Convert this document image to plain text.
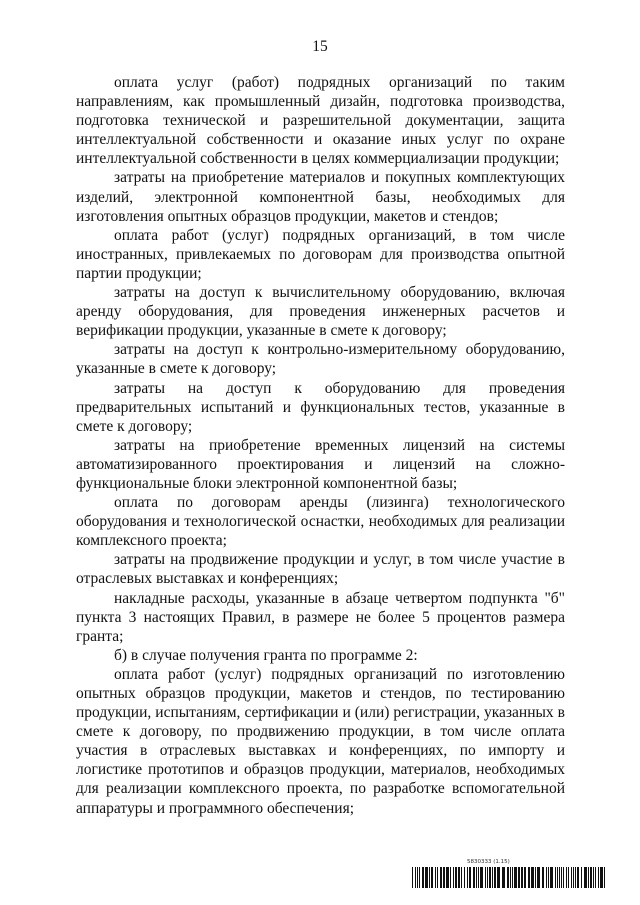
15

оплата услуг (работ) подрядных организаций по таким направлениям, как промышленный дизайн, подготовка производства, подготовка технической и разрешительной документации, защита интеллектуальной собственности и оказание иных услуг по охране интеллектуальной собственности в целях коммерциализации продукции;

затраты на приобретение материалов и покупных комплектующих изделий, электронной компонентной базы, необходимых для изготовления опытных образцов продукции, макетов и стендов;

оплата работ (услуг) подрядных организаций, в том числе иностранных, привлекаемых по договорам для производства опытной партии продукции;

затраты на доступ к вычислительному оборудованию, включая аренду оборудования, для проведения инженерных расчетов и верификации продукции, указанные в смете к договору;

затраты на доступ к контрольно-измерительному оборудованию, указанные в смете к договору;

затраты на доступ к оборудованию для проведения предварительных испытаний и функциональных тестов, указанные в смете к договору;

затраты на приобретение временных лицензий на системы автоматизированного проектирования и лицензий на сложно-функциональные блоки электронной компонентной базы;

оплата по договорам аренды (лизинга) технологического оборудования и технологической оснастки, необходимых для реализации комплексного проекта;

затраты на продвижение продукции и услуг, в том числе участие в отраслевых выставках и конференциях;

накладные расходы, указанные в абзаце четвертом подпункта "б" пункта 3 настоящих Правил, в размере не более 5 процентов размера гранта;

б) в случае получения гранта по программе 2:

оплата работ (услуг) подрядных организаций по изготовлению опытных образцов продукции, макетов и стендов, по тестированию продукции, испытаниям, сертификации и (или) регистрации, указанных в смете к договору, по продвижению продукции, в том числе оплата участия в отраслевых выставках и конференциях, по импорту и логистике прототипов и образцов продукции, материалов, необходимых для реализации комплексного проекта, по разработке вспомогательной аппаратуры и программного обеспечения;

5830333 (1.15)
